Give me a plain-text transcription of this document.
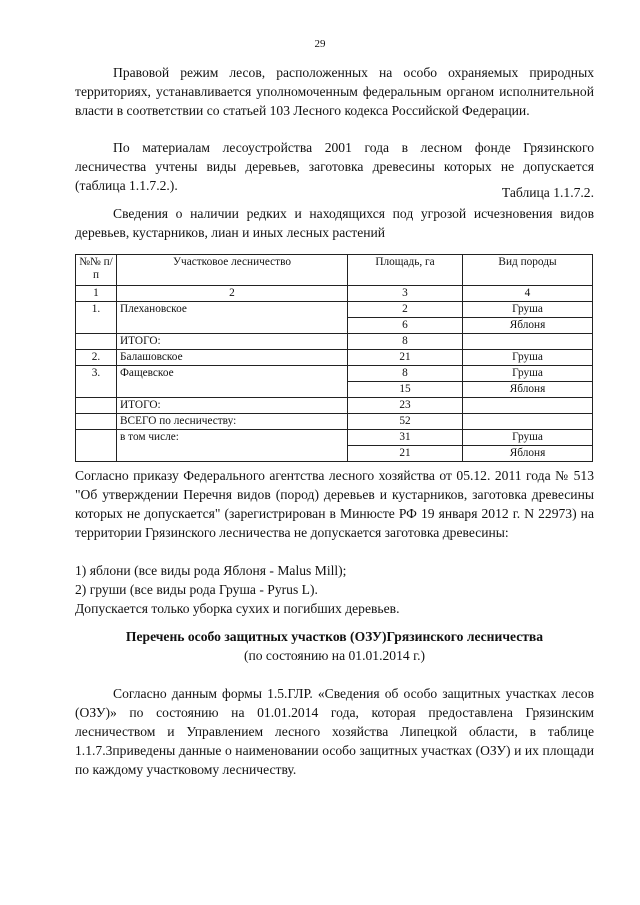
29
Правовой режим лесов, расположенных на особо охраняемых природных территориях, устанавливается уполномоченным федеральным органом исполнительной власти в соответствии со статьей 103 Лесного кодекса Российской Федерации.
По материалам лесоустройства 2001 года в лесном фонде Грязинского лесничества учтены виды деревьев, заготовка древесины которых не допускается (таблица 1.1.7.2.).	Таблица 1.1.7.2.
Сведения о наличии редких и находящихся под угрозой исчезновения видов деревьев, кустарников, лиан и иных лесных растений
№№ п/п	Участковое лесничество	Площадь, га	Вид породы
1	2	3	4
1.	Плехановское	2	Груша
		6	Яблоня
	ИТОГО:	8	
2.	Балашовское	21	Груша
3.	Фащевское	8	Груша
		15	Яблоня
	ИТОГО:	23	
	ВСЕГО по лесничеству:	52	
	в том числе:	31	Груша
		21	Яблоня
Согласно приказу Федерального агентства лесного хозяйства от 05.12. 2011 года № 513 "Об утверждении Перечня видов (пород) деревьев и кустарников, заготовка древесины которых не допускается" (зарегистрирован в Минюсте РФ 19 января 2012 г. N 22973) на территории Грязинского лесничества не допускается заготовка древесины:

1) яблони (все виды рода Яблоня - Malus Mill);

2) груши (все виды рода Груша - Pyrus L).

Допускается только уборка сухих и погибших деревьев.

Перечень особо защитных участков (ОЗУ)Грязинского лесничества
(по состоянию на 01.01.2014 г.)
Согласно данным формы 1.5.ГЛР. «Сведения об особо защитных участках лесов (ОЗУ)» по состоянию на 01.01.2014 года, которая предоставлена Грязинским лесничеством и Управлением лесного хозяйства Липецкой области, в таблице 1.1.7.3приведены данные о наименовании особо защитных участках (ОЗУ) и их площади по каждому участковому лесничеству.
